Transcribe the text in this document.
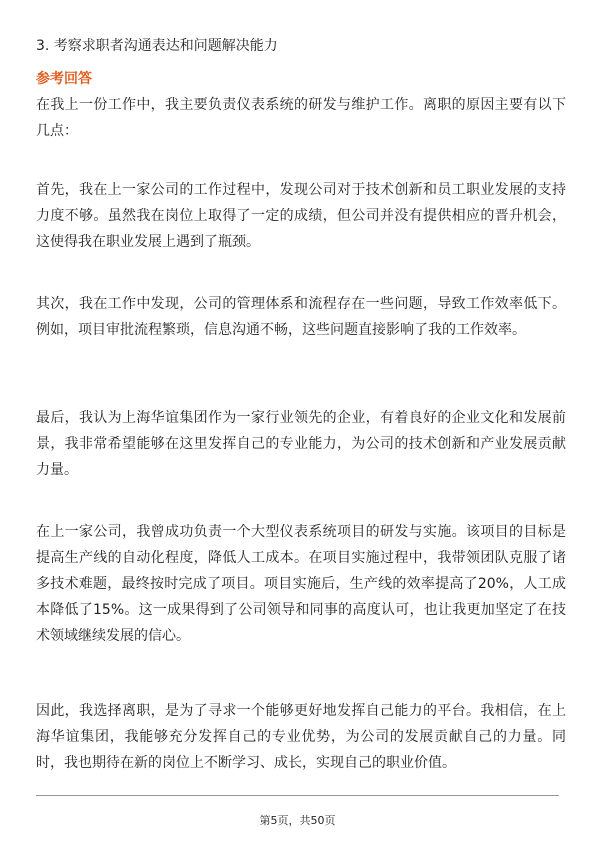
3. 考察求职者沟通表达和问题解决能力
参考回答

在我上一份工作中，我主要负责仪表系统的研发与维护工作。离职的原因主要有以下几点：

首先，我在上一家公司的工作过程中，发现公司对于技术创新和员工职业发展的支持力度不够。虽然我在岗位上取得了一定的成绩，但公司并没有提供相应的晋升机会，这使得我在职业发展上遇到了瓶颈。

其次，我在工作中发现，公司的管理体系和流程存在一些问题，导致工作效率低下。例如，项目审批流程繁琐，信息沟通不畅，这些问题直接影响了我的工作效率。

最后，我认为上海华谊集团作为一家行业领先的企业，有着良好的企业文化和发展前景，我非常希望能够在这里发挥自己的专业能力，为公司的技术创新和产业发展贡献力量。

在上一家公司，我曾成功负责一个大型仪表系统项目的研发与实施。该项目的目标是提高生产线的自动化程度，降低人工成本。在项目实施过程中，我带领团队克服了诸多技术难题，最终按时完成了项目。项目实施后，生产线的效率提高了20%，人工成本降低了15%。这一成果得到了公司领导和同事的高度认可，也让我更加坚定了在技术领域继续发展的信心。

因此，我选择离职，是为了寻求一个能够更好地发挥自己能力的平台。我相信，在上海华谊集团，我能够充分发挥自己的专业优势，为公司的发展贡献自己的力量。同时，我也期待在新的岗位上不断学习、成长，实现自己的职业价值。

第5页，共50页
